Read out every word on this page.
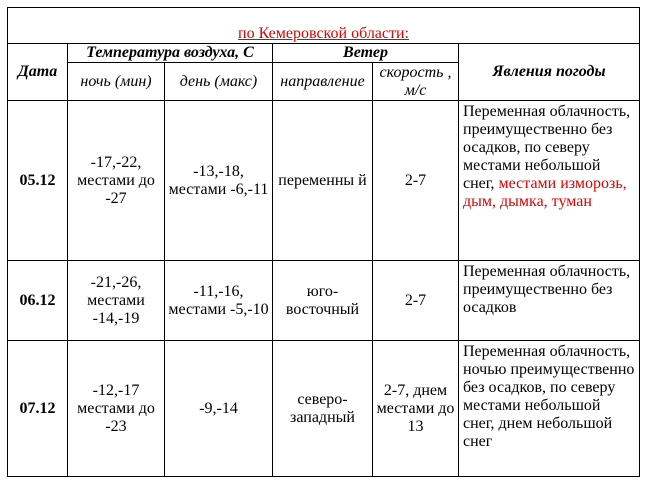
по Кемеровской области:					
Дата	Температура воздуха, С		Ветер		Явления погоды
	ночь (мин)	день (макс)	направление	скорость , м/с	
05.12	-17,-22, местами до -27	-13,-18, местами -6,-11	переменны й	2-7	Переменная облачность, преимущественно без осадков, по северу местами небольшой снег, местами изморозь, дым, дымка, туман
06.12	-21,-26, местами -14,-19	-11,-16, местами -5,-10	юго-восточный	2-7	Переменная облачность, преимущественно без осадков
07.12	-12,-17 местами до -23	-9,-14	северо-западный	2-7, днем местами до 13	Переменная облачность, ночью преимущественно без осадков, по северу местами небольшой снег, днем небольшой снег
